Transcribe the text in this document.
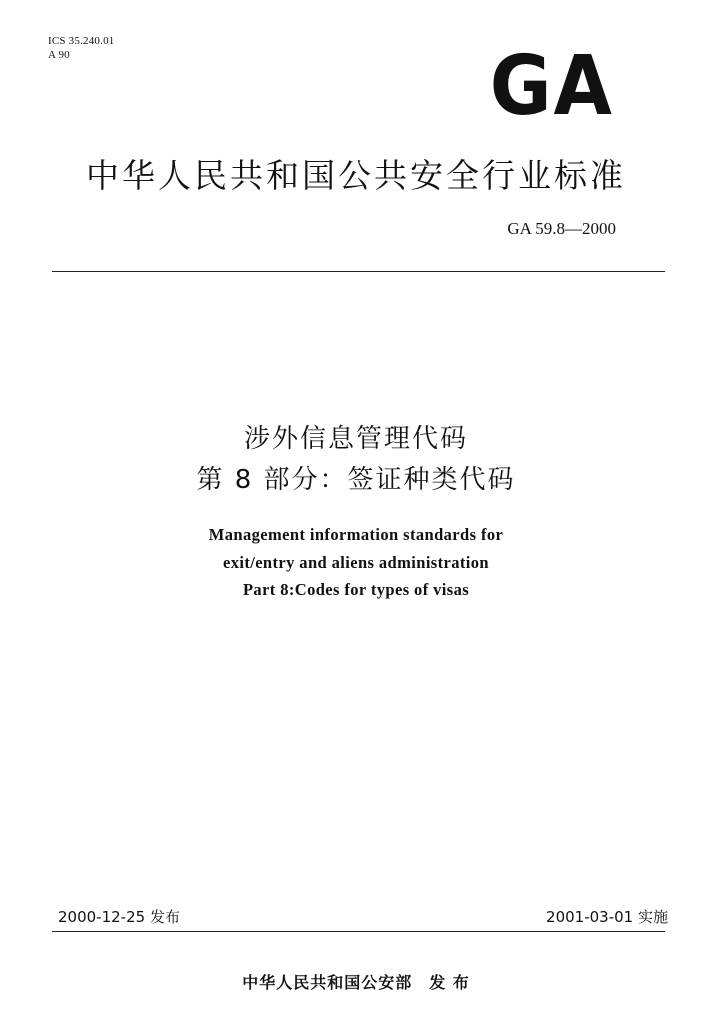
ICS 35.240.01
A 90	GA
中华人民共和国公共安全行业标准
GA 59.8—2000
涉外信息管理代码
第 8 部分：签证种类代码
Management information standards for
exit/entry and aliens administration
Part 8:Codes for types of visas
2000-12-25 发布	2001-03-01 实施
中华人民共和国公安部　发 布
